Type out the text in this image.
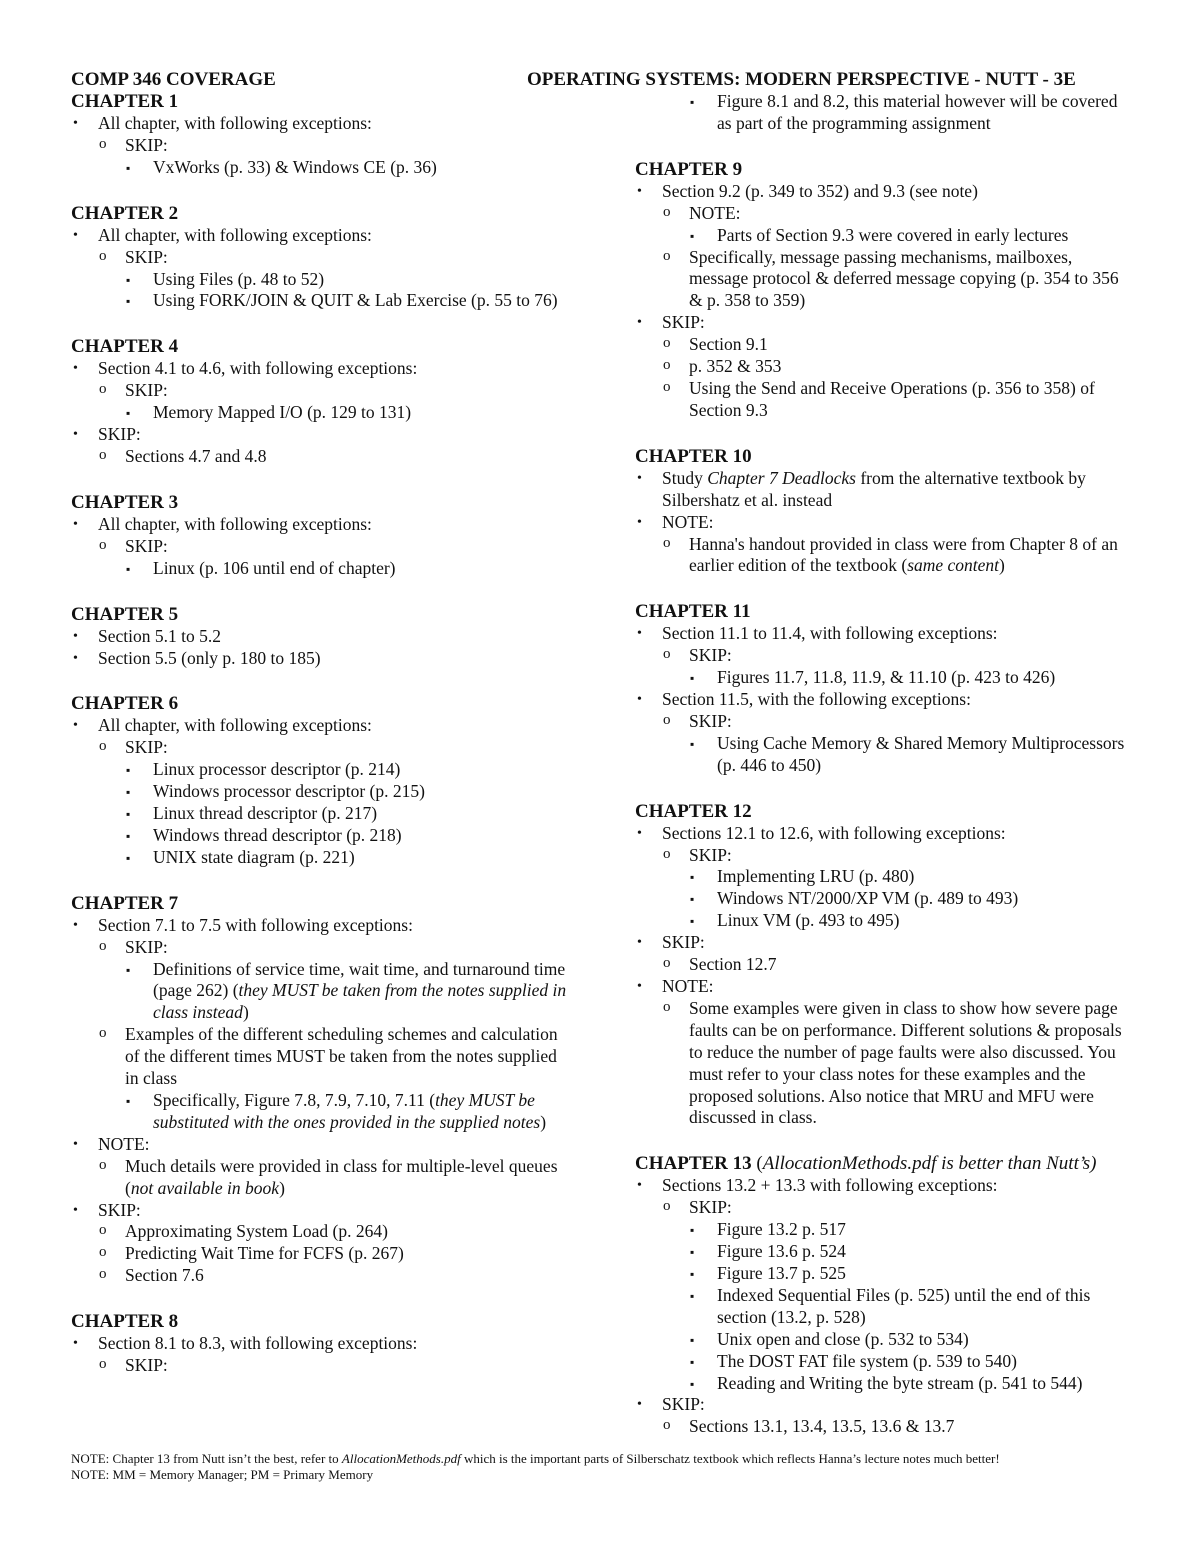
COMP 346 COVERAGE	OPERATING SYSTEMS: MODERN PERSPECTIVE - NUTT - 3E
CHAPTER 1
All chapter, with following exceptions:
SKIP:
VxWorks (p. 33) & Windows CE (p. 36)
CHAPTER 2
All chapter, with following exceptions:
SKIP:
Using Files (p. 48 to 52)
Using FORK/JOIN & QUIT & Lab Exercise (p. 55 to 76)
CHAPTER 4
Section 4.1 to 4.6, with following exceptions:
SKIP:
Memory Mapped I/O (p. 129 to 131)
SKIP:
Sections 4.7 and 4.8
CHAPTER 3
All chapter, with following exceptions:
SKIP:
Linux (p. 106 until end of chapter)
CHAPTER 5
Section 5.1 to 5.2
Section 5.5 (only p. 180 to 185)
CHAPTER 6
All chapter, with following exceptions:
SKIP:
Linux processor descriptor (p. 214)
Windows processor descriptor (p. 215)
Linux thread descriptor (p. 217)
Windows thread descriptor (p. 218)
UNIX state diagram (p. 221)
CHAPTER 7
Section 7.1 to 7.5 with following exceptions:
SKIP:
Definitions of service time, wait time, and turnaround time (page 262) (they MUST be taken from the notes supplied in class instead)
Examples of the different scheduling schemes and calculation of the different times MUST be taken from the notes supplied in class
Specifically, Figure 7.8, 7.9, 7.10, 7.11 (they MUST be substituted with the ones provided in the supplied notes)
NOTE:
Much details were provided in class for multiple-level queues (not available in book)
SKIP:
Approximating System Load (p. 264)
Predicting Wait Time for FCFS (p. 267)
Section 7.6
CHAPTER 8
Section 8.1 to 8.3, with following exceptions:
SKIP:
Figure 8.1 and 8.2, this material however will be covered as part of the programming assignment
CHAPTER 9
Section 9.2 (p. 349 to 352) and 9.3 (see note)
NOTE:
Parts of Section 9.3 were covered in early lectures
Specifically, message passing mechanisms, mailboxes, message protocol & deferred message copying (p. 354 to 356 & p. 358 to 359)
SKIP:
Section 9.1
p. 352 & 353
Using the Send and Receive Operations (p. 356 to 358) of Section 9.3
CHAPTER 10
Study Chapter 7 Deadlocks from the alternative textbook by Silbershatz et al. instead
NOTE:
Hanna's handout provided in class were from Chapter 8 of an earlier edition of the textbook (same content)
CHAPTER 11
Section 11.1 to 11.4, with following exceptions:
SKIP:
Figures 11.7, 11.8, 11.9, & 11.10 (p. 423 to 426)
Section 11.5, with the following exceptions:
SKIP:
Using Cache Memory & Shared Memory Multiprocessors (p. 446 to 450)
CHAPTER 12
Sections 12.1 to 12.6, with following exceptions:
SKIP:
Implementing LRU (p. 480)
Windows NT/2000/XP VM (p. 489 to 493)
Linux VM (p. 493 to 495)
SKIP:
Section 12.7
NOTE:
Some examples were given in class to show how severe page faults can be on performance. Different solutions & proposals to reduce the number of page faults were also discussed. You must refer to your class notes for these examples and the proposed solutions. Also notice that MRU and MFU were discussed in class.
CHAPTER 13 (AllocationMethods.pdf is better than Nutt’s)
Sections 13.2 + 13.3 with following exceptions:
SKIP:
Figure 13.2 p. 517
Figure 13.6 p. 524
Figure 13.7 p. 525
Indexed Sequential Files (p. 525) until the end of this section (13.2, p. 528)
Unix open and close (p. 532 to 534)
The DOST FAT file system (p. 539 to 540)
Reading and Writing the byte stream (p. 541 to 544)
SKIP:
Sections 13.1, 13.4, 13.5, 13.6 & 13.7
NOTE: Chapter 13 from Nutt isn’t the best, refer to AllocationMethods.pdf which is the important parts of Silberschatz textbook which reflects Hanna’s lecture notes much better!
NOTE: MM = Memory Manager; PM = Primary Memory
